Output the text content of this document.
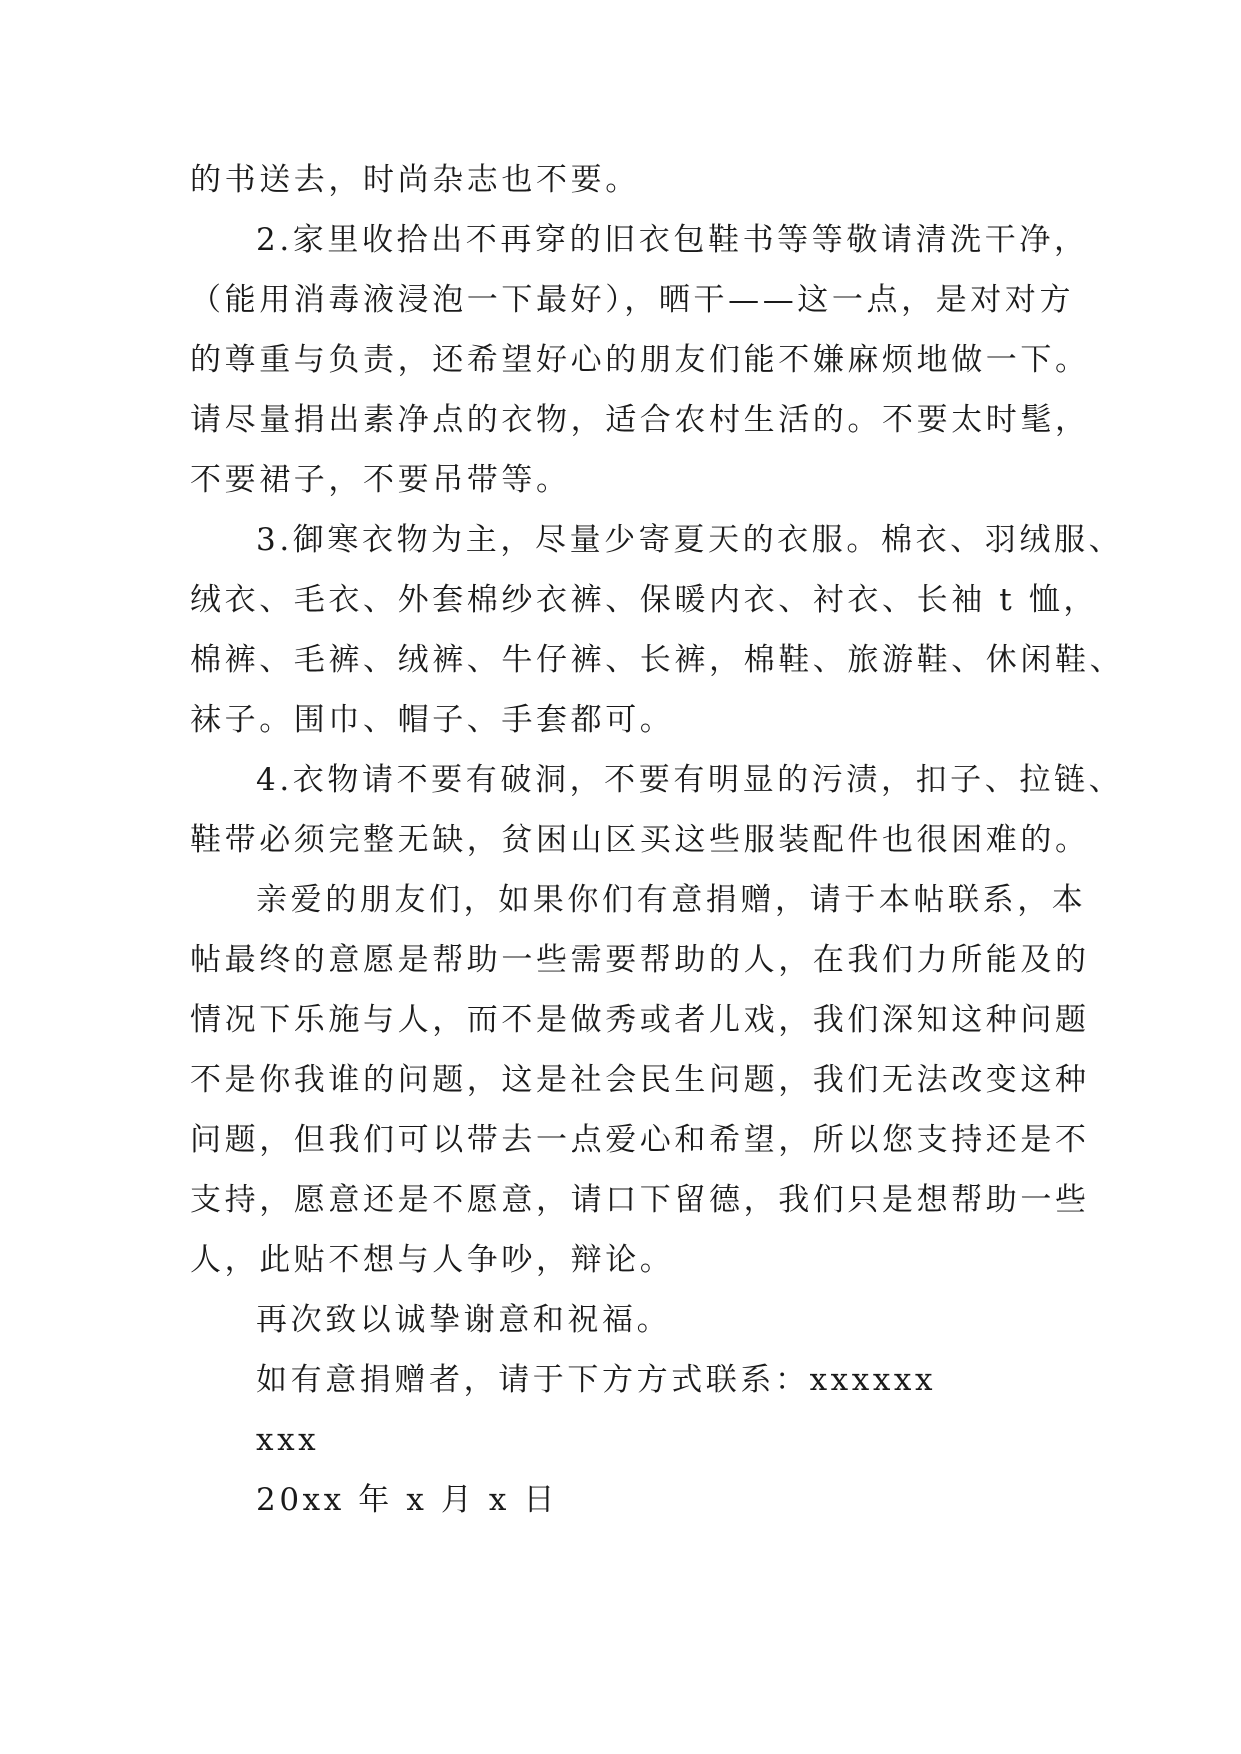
的书送去，时尚杂志也不要。
2.家里收拾出不再穿的旧衣包鞋书等等敬请清洗干净，
（能用消毒液浸泡一下最好），晒干——这一点，是对对方
的尊重与负责，还希望好心的朋友们能不嫌麻烦地做一下。
请尽量捐出素净点的衣物，适合农村生活的。不要太时髦，
不要裙子，不要吊带等。
3.御寒衣物为主，尽量少寄夏天的衣服。棉衣、羽绒服、
绒衣、毛衣、外套棉纱衣裤、保暖内衣、衬衣、长袖 t 恤，
棉裤、毛裤、绒裤、牛仔裤、长裤，棉鞋、旅游鞋、休闲鞋、
袜子。围巾、帽子、手套都可。
4.衣物请不要有破洞，不要有明显的污渍，扣子、拉链、
鞋带必须完整无缺，贫困山区买这些服装配件也很困难的。
亲爱的朋友们，如果你们有意捐赠，请于本帖联系，本
帖最终的意愿是帮助一些需要帮助的人，在我们力所能及的
情况下乐施与人，而不是做秀或者儿戏，我们深知这种问题
不是你我谁的问题，这是社会民生问题，我们无法改变这种
问题，但我们可以带去一点爱心和希望，所以您支持还是不
支持，愿意还是不愿意，请口下留德，我们只是想帮助一些
人，此贴不想与人争吵，辩论。
再次致以诚挚谢意和祝福。
如有意捐赠者，请于下方方式联系：xxxxxx
xxx
20xx 年 x 月 x 日
